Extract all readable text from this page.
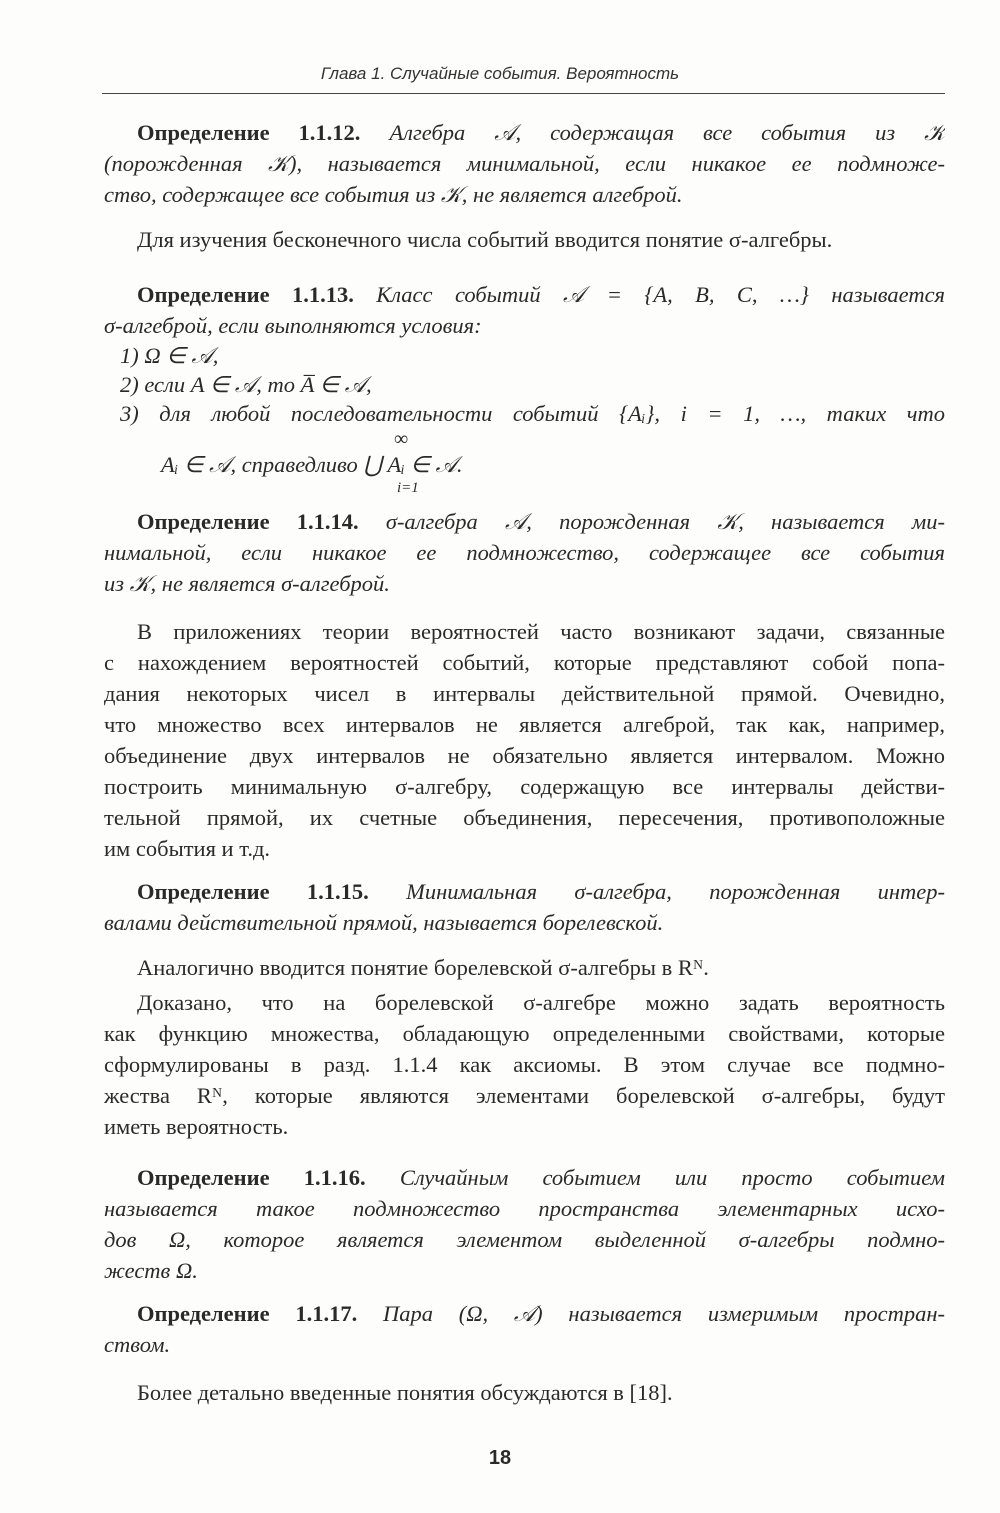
Глава 1. Случайные события. Вероятность
Определение 1.1.12. Алгебра 𝒜, содержащая все события из 𝒦
(порожденная 𝒦), называется минимальной, если никакое ее подмноже-
ство, содержащее все события из 𝒦, не является алгеброй.
Для изучения бесконечного числа событий вводится понятие σ-алгебры.
Определение 1.1.13. Класс событий 𝒜 = {A, B, C, …} называется
σ-алгеброй, если выполняются условия:
1) Ω ∈ 𝒜,
2) если A ∈ 𝒜, то A̅ ∈ 𝒜,
3) для любой последовательности событий {Aᵢ}, i = 1, …, таких что
∞
Aᵢ ∈ 𝒜, справедливо ⋃ Aᵢ ∈ 𝒜.
i=1
Определение 1.1.14. σ-алгебра 𝒜, порожденная 𝒦, называется ми-
нимальной, если никакое ее подмножество, содержащее все события
из 𝒦, не является σ-алгеброй.
В приложениях теории вероятностей часто возникают задачи, связанные
с нахождением вероятностей событий, которые представляют собой попа-
дания некоторых чисел в интервалы действительной прямой. Очевидно,
что множество всех интервалов не является алгеброй, так как, например,
объединение двух интервалов не обязательно является интервалом. Можно
построить минимальную σ-алгебру, содержащую все интервалы действи-
тельной прямой, их счетные объединения, пересечения, противоположные
им события и т.д.
Определение 1.1.15. Минимальная σ-алгебра, порожденная интер-
валами действительной прямой, называется борелевской.
Аналогично вводится понятие борелевской σ-алгебры в Rᴺ.
Доказано, что на борелевской σ-алгебре можно задать вероятность
как функцию множества, обладающую определенными свойствами, которые
сформулированы в разд. 1.1.4 как аксиомы. В этом случае все подмно-
жества Rᴺ, которые являются элементами борелевской σ-алгебры, будут
иметь вероятность.
Определение 1.1.16. Случайным событием или просто событием
называется такое подмножество пространства элементарных исхо-
дов Ω, которое является элементом выделенной σ-алгебры подмно-
жеств Ω.
Определение 1.1.17. Пара (Ω, 𝒜) называется измеримым простран-
ством.
Более детально введенные понятия обсуждаются в [18].
18
